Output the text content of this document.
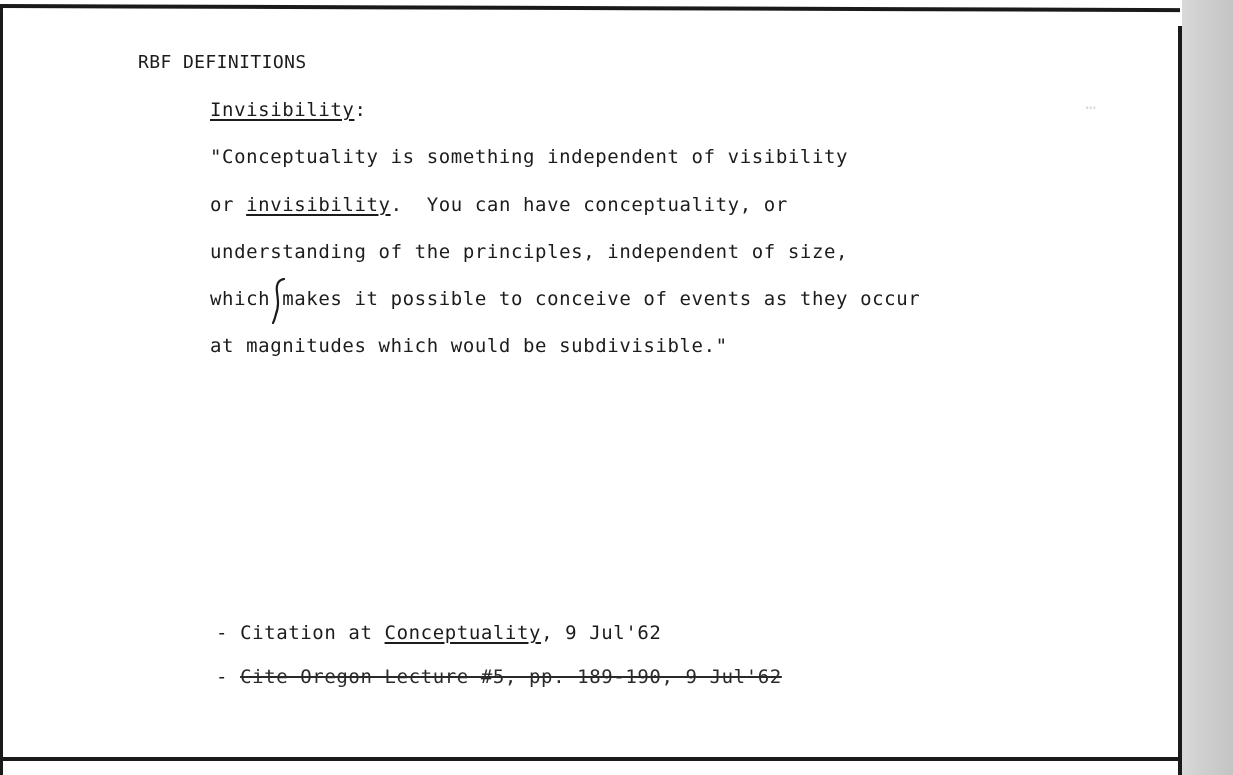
RBF DEFINITIONS
Invisibility:
"Conceptuality is something independent of visibility
or invisibility.  You can have conceptuality, or
understanding of the principles, independent of size,
which makes it possible to conceive of events as they occur
at magnitudes which would be subdivisible."
- Citation at Conceptuality, 9 Jul'62
- Cite Oregon Lecture #5, pp. 189-190, 9 Jul'62
ⵈ
